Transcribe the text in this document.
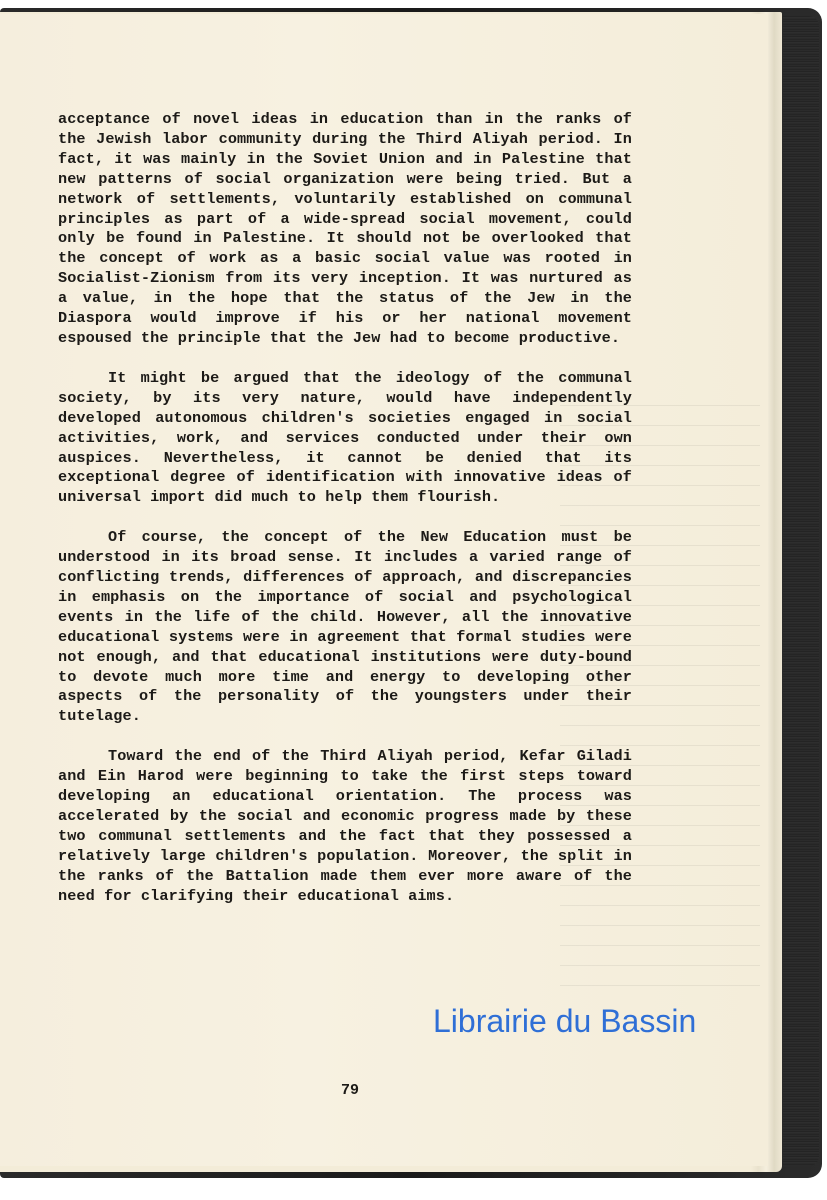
acceptance of novel ideas in education than in the ranks of the Jewish labor community during the Third Aliyah period. In fact, it was mainly in the Soviet Union and in Palestine that new patterns of social organization were being tried. But a network of settlements, voluntarily established on communal principles as part of a wide-spread social movement, could only be found in Palestine. It should not be overlooked that the concept of work as a basic social value was rooted in Socialist-Zionism from its very inception. It was nurtured as a value, in the hope that the status of the Jew in the Diaspora would improve if his or her national movement espoused the principle that the Jew had to become productive.

It might be argued that the ideology of the communal society, by its very nature, would have independently developed autonomous children's societies engaged in social activities, work, and services conducted under their own auspices. Nevertheless, it cannot be denied that its exceptional degree of identification with innovative ideas of universal import did much to help them flourish.

Of course, the concept of the New Education must be understood in its broad sense. It includes a varied range of conflicting trends, differences of approach, and discrepancies in emphasis on the importance of social and psychological events in the life of the child. However, all the innovative educational systems were in agreement that formal studies were not enough, and that educational institutions were duty-bound to devote much more time and energy to developing other aspects of the personality of the youngsters under their tutelage.

Toward the end of the Third Aliyah period, Kefar Giladi and Ein Harod were beginning to take the first steps toward developing an educational orientation. The process was accelerated by the social and economic progress made by these two communal settlements and the fact that they possessed a relatively large children's population. Moreover, the split in the ranks of the Battalion made them ever more aware of the need for clarifying their educational aims.

79
Librairie du Bassin
